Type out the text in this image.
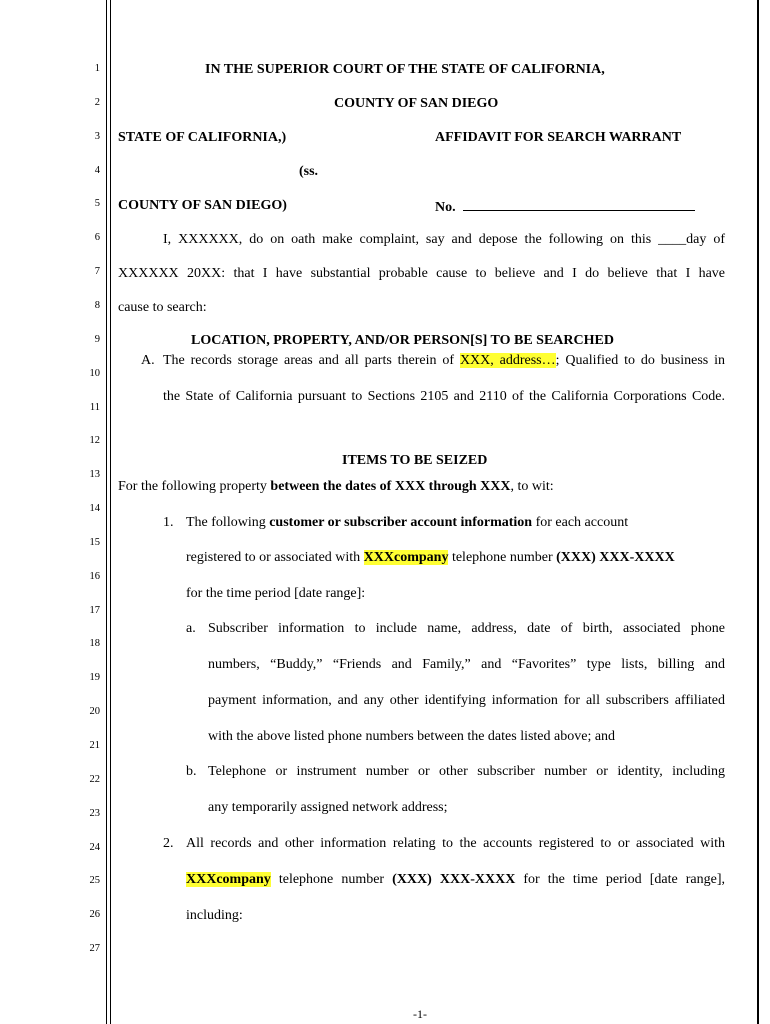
1
2
3
4
5
6
7
8
9
10
11
12
13
14
15
16
17
18
19
20
21
22
23
24
25
26
27
IN THE SUPERIOR COURT OF THE STATE OF CALIFORNIA,
COUNTY OF SAN DIEGO
STATE OF CALIFORNIA,)	AFFIDAVIT FOR SEARCH WARRANT
(ss.
COUNTY OF SAN DIEGO)	No.
I, XXXXXX, do on oath make complaint, say and depose the following on this ____day of
XXXXXX 20XX: that I have substantial probable cause to believe and I do believe that I have
cause to search:
LOCATION, PROPERTY, AND/OR PERSON[S] TO BE SEARCHED
A. The records storage areas and all parts therein of XXX, address…; Qualified to do business in
the State of California pursuant to Sections 2105 and 2110 of the California Corporations Code.
ITEMS TO BE SEIZED
For the following property between the dates of XXX through XXX, to wit:
1. The following customer or subscriber account information for each account
registered to or associated with XXXcompany telephone number (XXX) XXX-XXXX
for the time period [date range]:
a. Subscriber information to include name, address, date of birth, associated phone
numbers, “Buddy,” “Friends and Family,” and “Favorites” type lists, billing and
payment information, and any other identifying information for all subscribers affiliated
with the above listed phone numbers between the dates listed above; and
b. Telephone or instrument number or other subscriber number or identity, including
any temporarily assigned network address;
2. All records and other information relating to the accounts registered to or associated with
XXXcompany telephone number (XXX) XXX-XXXX for the time period [date range],
including:
-1-
